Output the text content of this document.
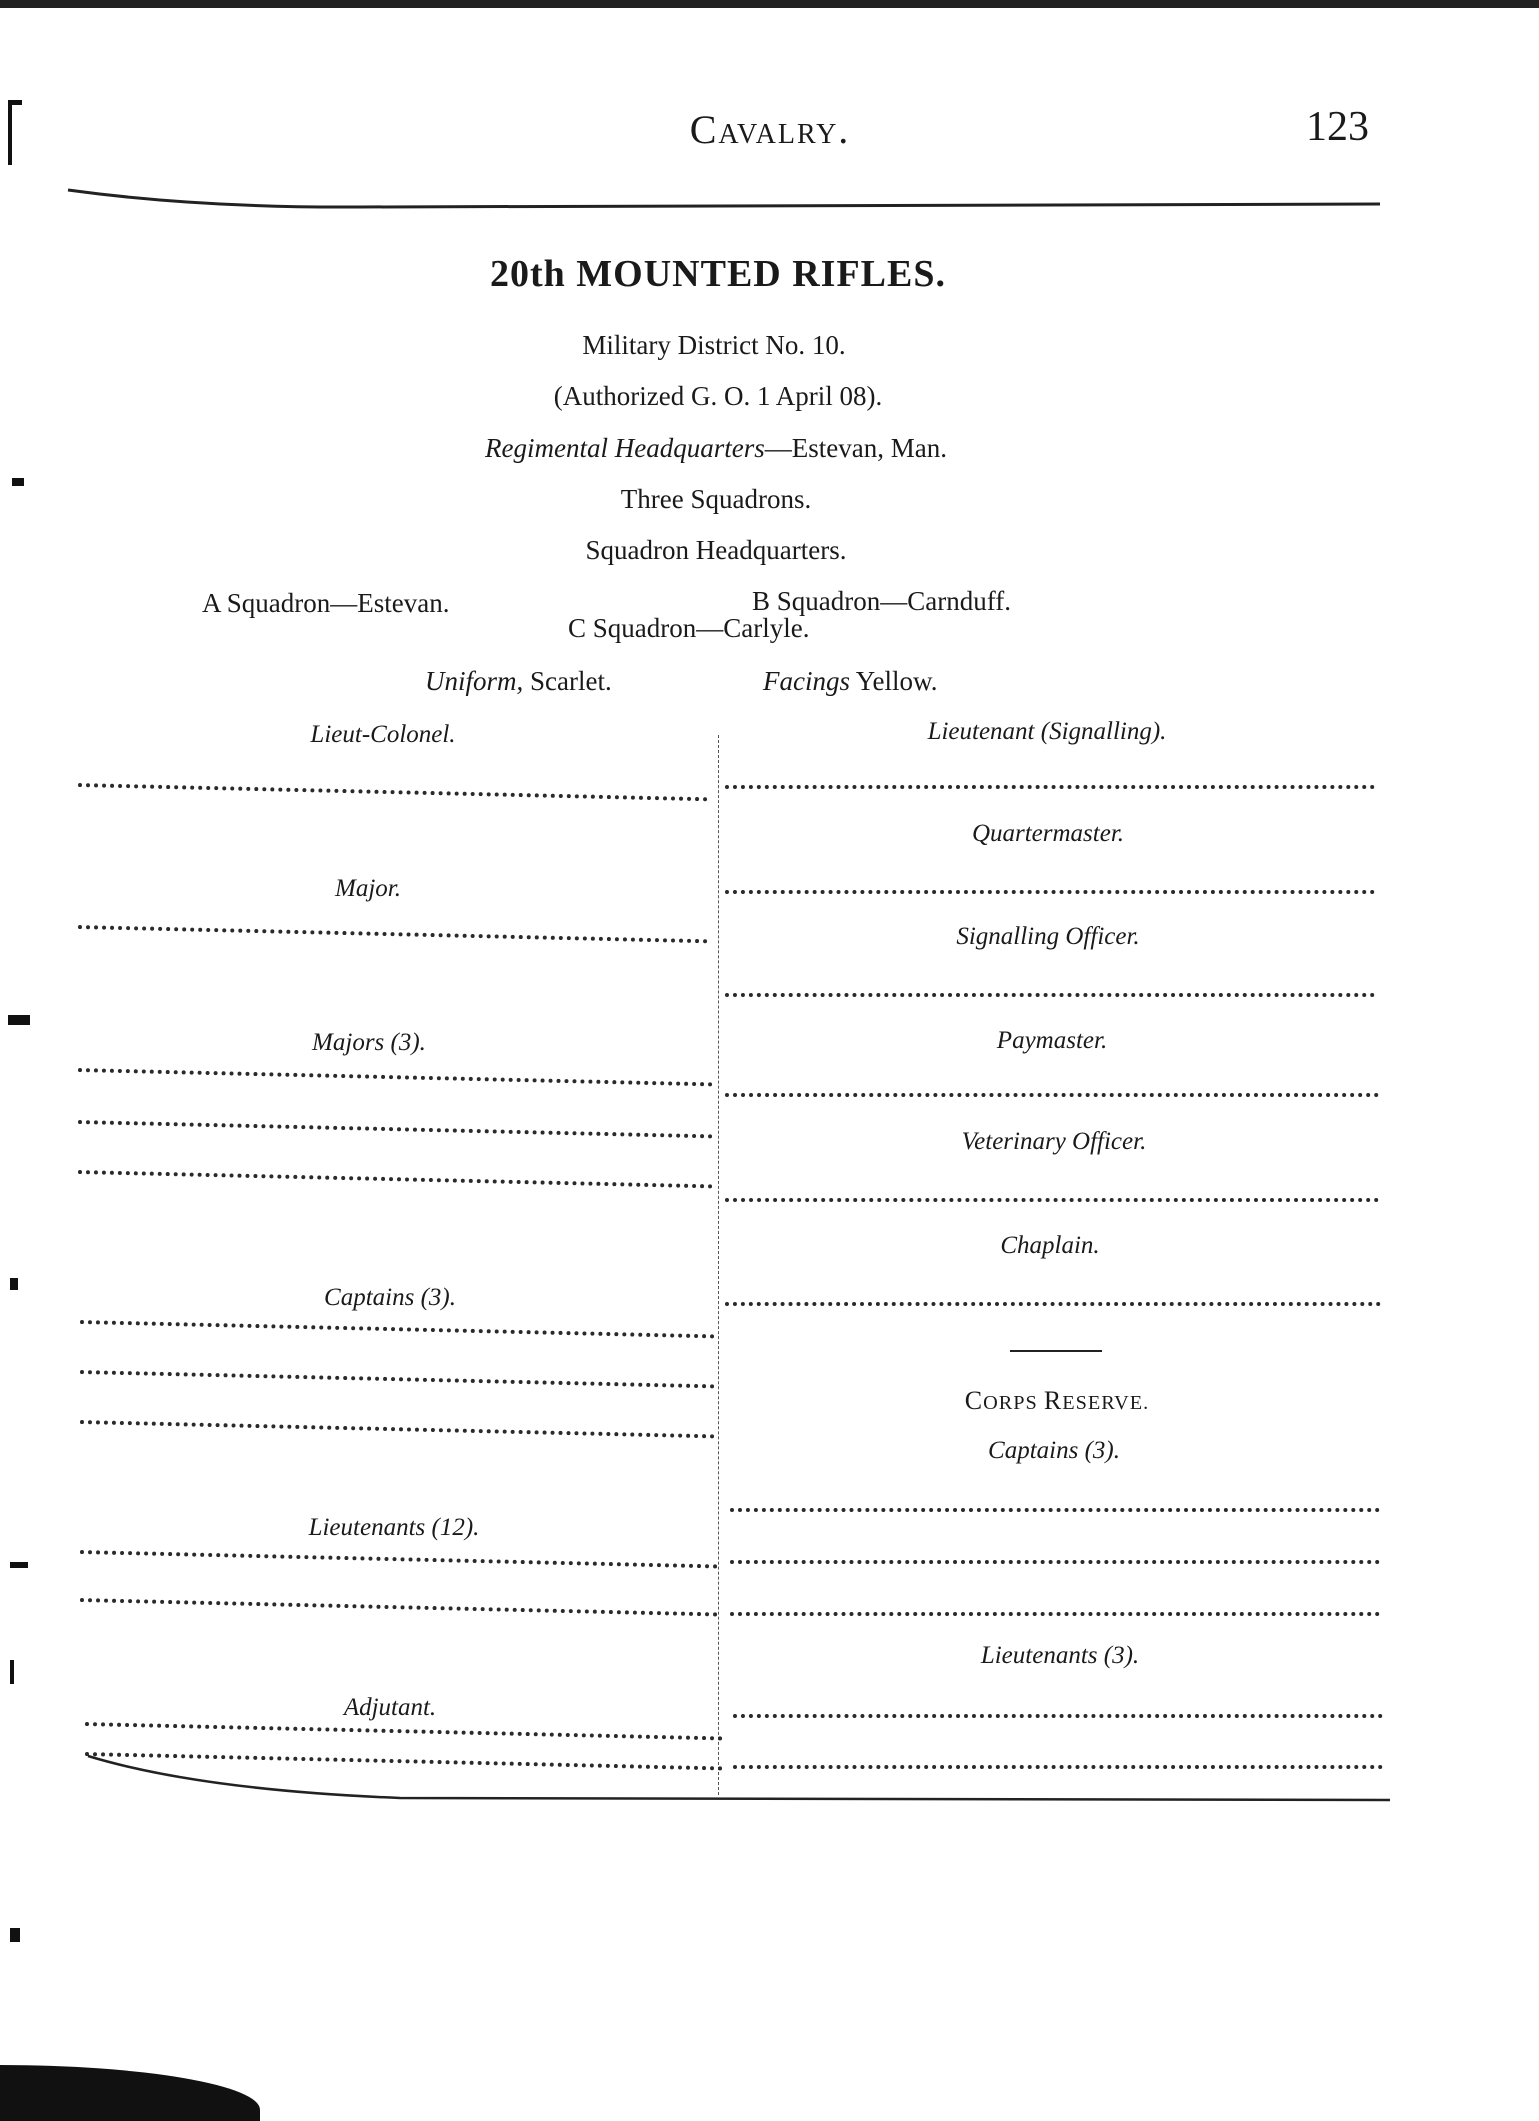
Cavalry.	123
20th MOUNTED RIFLES.
Military District No. 10.
(Authorized G. O. 1 April 08).
Regimental Headquarters—Estevan, Man.
Three Squadrons.
Squadron Headquarters.
A Squadron—Estevan.	B Squadron—Carnduff.
C Squadron—Carlyle.
Uniform, Scarlet.	Facings Yellow.
Lieut-Colonel.
Major.
Majors (3).
Captains (3).
Lieutenants (12).
Adjutant.
Lieutenant (Signalling).
Quartermaster.
Signalling Officer.
Paymaster.
Veterinary Officer.
Chaplain.
CORPS RESERVE.
Captains (3).
Lieutenants (3).
